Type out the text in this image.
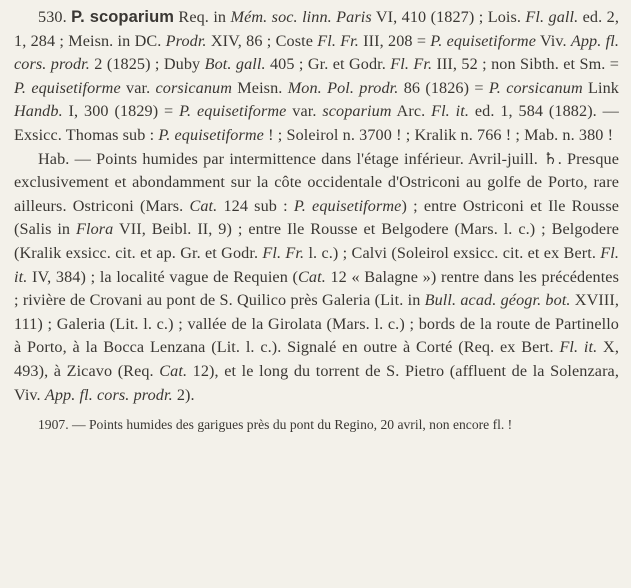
530. P. scoparium Req. in Mém. soc. linn. Paris VI, 410 (1827) ; Lois. Fl. gall. ed. 2, 1, 284 ; Meisn. in DC. Prodr. XIV, 86 ; Coste Fl. Fr. III, 208 = P. equisetiforme Viv. App. fl. cors. prodr. 2 (1825) ; Duby Bot. gall. 405 ; Gr. et Godr. Fl. Fr. III, 52 ; non Sibth. et Sm. = P. equisetiforme var. corsicanum Meisn. Mon. Pol. prodr. 86 (1826) = P. corsicanum Link Handb. I, 300 (1829) = P. equisetiforme var. scoparium Arc. Fl. it. ed. 1, 584 (1882). — Exsicc. Thomas sub : P. equisetiforme ! ; Soleirol n. 3700 ! ; Kralik n. 766 ! ; Mab. n. 380 !

Hab. — Points humides par intermittence dans l'étage inférieur. Avril-juill. ♄. Presque exclusivement et abondamment sur la côte occidentale d'Ostriconi au golfe de Porto, rare ailleurs. Ostriconi (Mars. Cat. 124 sub : P. equisetiforme) ; entre Ostriconi et Ile Rousse (Salis in Flora VII, Beibl. II, 9) ; entre Ile Rousse et Belgodere (Mars. l. c.) ; Belgodere (Kralik exsicc. cit. et ap. Gr. et Godr. Fl. Fr. l. c.) ; Calvi (Soleirol exsicc. cit. et ex Bert. Fl. it. IV, 384) ; la localité vague de Requien (Cat. 12 « Balagne ») rentre dans les précédentes ; rivière de Crovani au pont de S. Quilico près Galeria (Lit. in Bull. acad. géogr. bot. XVIII, 111) ; Galeria (Lit. l. c.) ; vallée de la Girolata (Mars. l. c.) ; bords de la route de Partinello à Porto, à la Bocca Lenzana (Lit. l. c.). Signalé en outre à Corté (Req. ex Bert. Fl. it. X, 493), à Zicavo (Req. Cat. 12), et le long du torrent de S. Pietro (affluent de la Solenzara, Viv. App. fl. cors. prodr. 2).

1907. — Points humides des garigues près du pont du Regino, 20 avril, non encore fl. !
